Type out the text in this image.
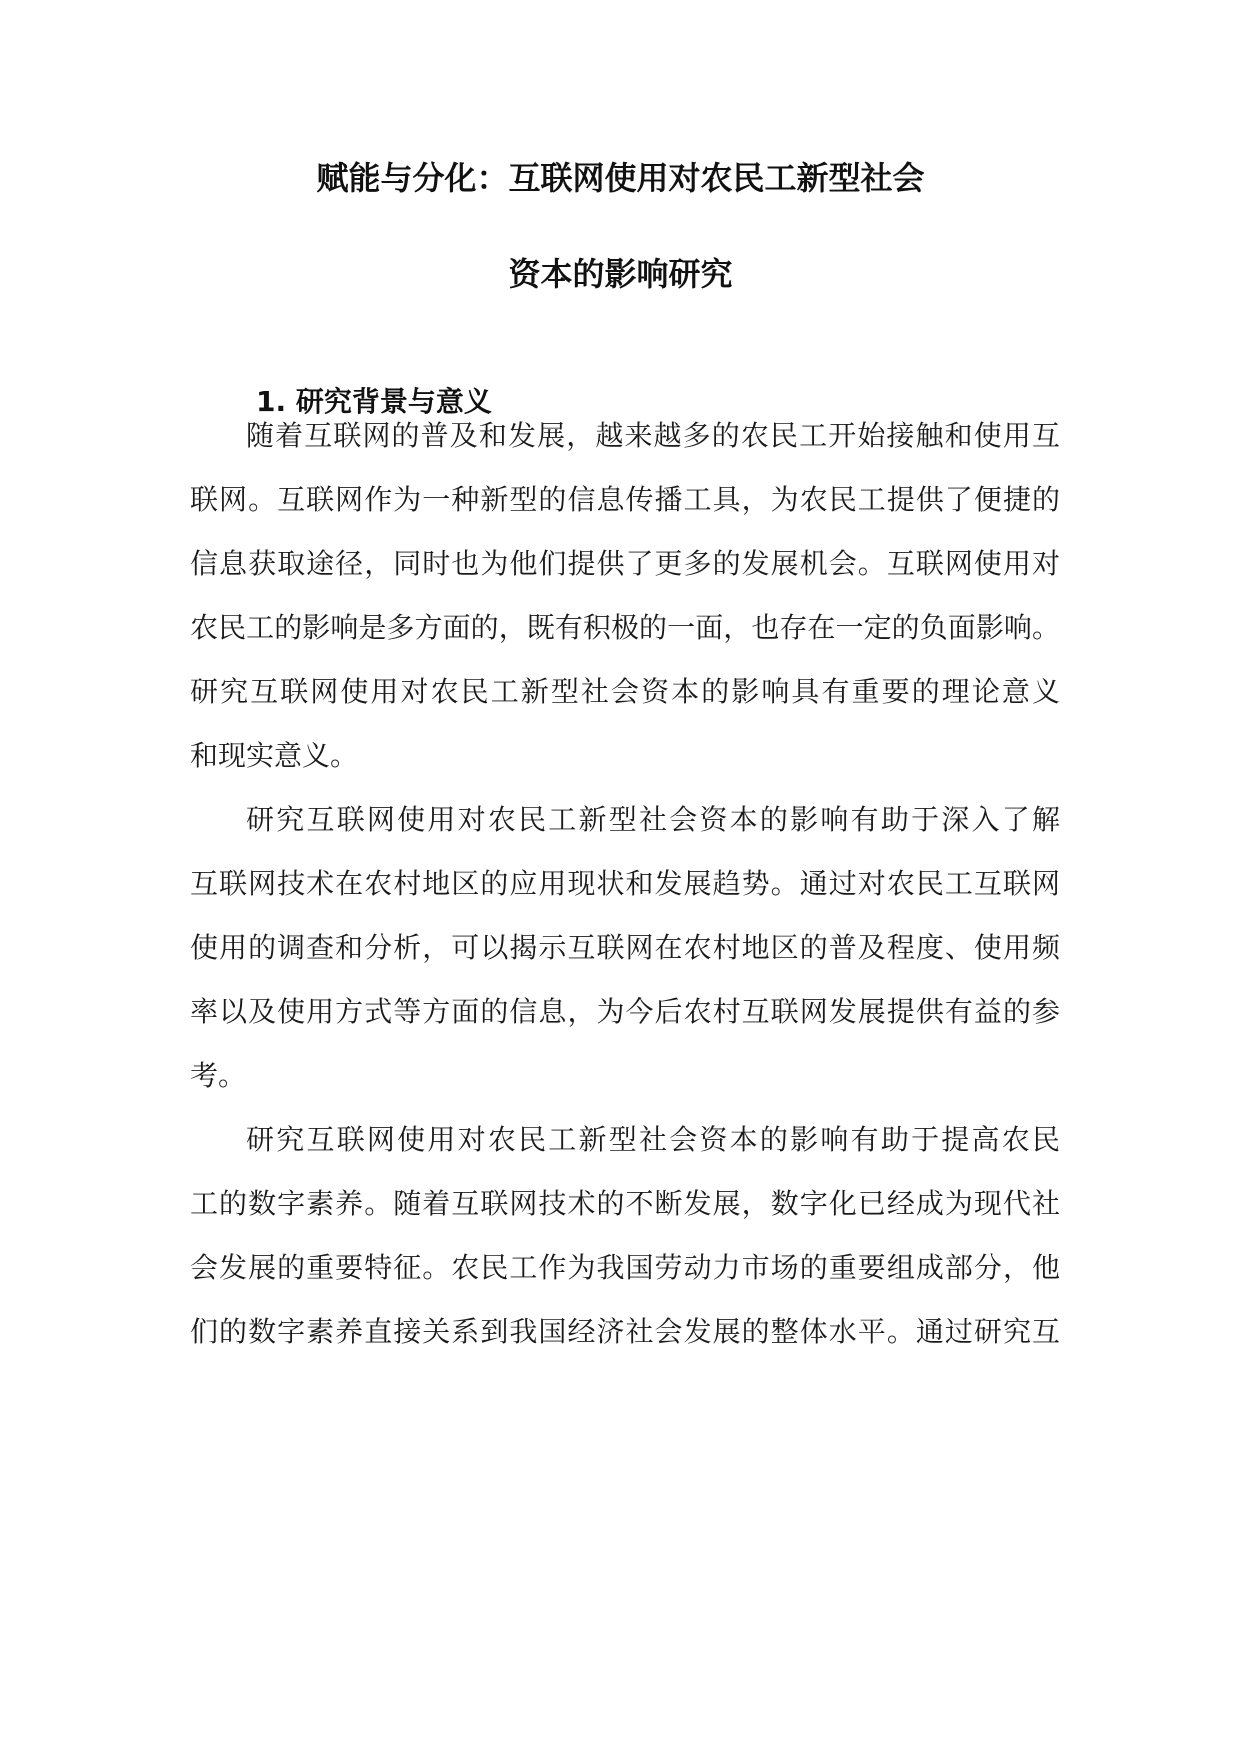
赋能与分化：互联网使用对农民工新型社会
资本的影响研究
1. 研究背景与意义
随着互联网的普及和发展，越来越多的农民工开始接触和使用互
联网。互联网作为一种新型的信息传播工具，为农民工提供了便捷的
信息获取途径，同时也为他们提供了更多的发展机会。互联网使用对
农民工的影响是多方面的，既有积极的一面，也存在一定的负面影响。
研究互联网使用对农民工新型社会资本的影响具有重要的理论意义
和现实意义。
研究互联网使用对农民工新型社会资本的影响有助于深入了解
互联网技术在农村地区的应用现状和发展趋势。通过对农民工互联网
使用的调查和分析，可以揭示互联网在农村地区的普及程度、使用频
率以及使用方式等方面的信息，为今后农村互联网发展提供有益的参
考。
研究互联网使用对农民工新型社会资本的影响有助于提高农民
工的数字素养。随着互联网技术的不断发展，数字化已经成为现代社
会发展的重要特征。农民工作为我国劳动力市场的重要组成部分，他
们的数字素养直接关系到我国经济社会发展的整体水平。通过研究互
